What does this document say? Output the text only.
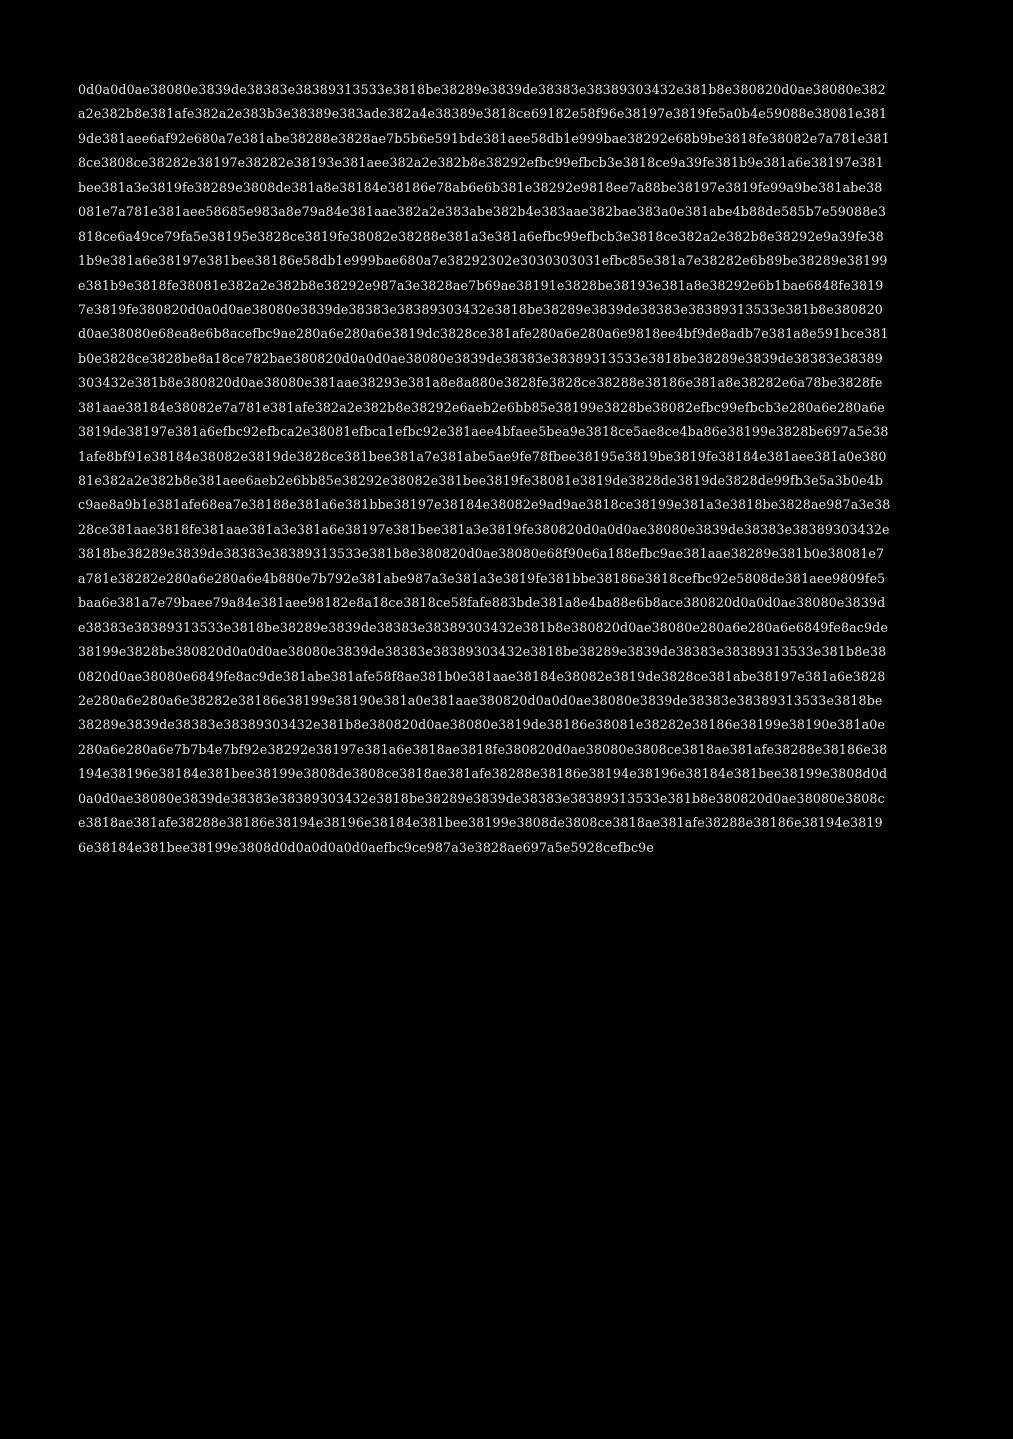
0d0a0d0ae38080e3839de38383e38389313533e3818be38289e3839de38383e38389303432e381b8e380820d0ae38080e382
a2e382b8e381afe382a2e383b3e38389e383ade382a4e38389e3818ce69182e58f96e38197e3819fe5a0b4e59088e38081e381
9de381aee6af92e680a7e381abe38288e3828ae7b5b6e591bde381aee58db1e999bae38292e68b9be3818fe38082e7a781e381
8ce3808ce38282e38197e38282e38193e381aee382a2e382b8e38292efbc99efbcb3e3818ce9a39fe381b9e381a6e38197e381
bee381a3e3819fe38289e3808de381a8e38184e38186e78ab6e6b381e38292e9818ee7a88be38197e3819fe99a9be381abe38
081e7a781e381aee58685e983a8e79a84e381aae382a2e383abe382b4e383aae382bae383a0e381abe4b88de585b7e59088e3
818ce6a49ce79fa5e38195e3828ce3819fe38082e38288e381a3e381a6efbc99efbcb3e3818ce382a2e382b8e38292e9a39fe38
1b9e381a6e38197e381bee38186e58db1e999bae680a7e38292302e3030303031efbc85e381a7e38282e6b89be38289e38199
e381b9e3818fe38081e382a2e382b8e38292e987a3e3828ae7b69ae38191e3828be38193e381a8e38292e6b1bae6848fe3819
7e3819fe380820d0a0d0ae38080e3839de38383e38389303432e3818be38289e3839de38383e38389313533e381b8e380820
d0ae38080e68ea8e6b8acefbc9ae280a6e280a6e3819dc3828ce381afe280a6e280a6e9818ee4bf9de8adb7e381a8e591bce381
b0e3828ce3828be8a18ce782bae380820d0a0d0ae38080e3839de38383e38389313533e3818be38289e3839de38383e38389
303432e381b8e380820d0ae38080e381aae38293e381a8e8a880e3828fe3828ce38288e38186e381a8e38282e6a78be3828fe
381aae38184e38082e7a781e381afe382a2e382b8e38292e6aeb2e6bb85e38199e3828be38082efbc99efbcb3e280a6e280a6e
3819de38197e381a6efbc92efbca2e38081efbca1efbc92e381aee4bfaee5bea9e3818ce5ae8ce4ba86e38199e3828be697a5e38
1afe8bf91e38184e38082e3819de3828ce381bee381a7e381abe5ae9fe78fbee38195e3819be3819fe38184e381aee381a0e380
81e382a2e382b8e381aee6aeb2e6bb85e38292e38082e381bee3819fe38081e3819de3828de3819de3828de99fb3e5a3b0e4b
c9ae8a9b1e381afe68ea7e38188e381a6e381bbe38197e38184e38082e9ad9ae3818ce38199e381a3e3818be3828ae987a3e38
28ce381aae3818fe381aae381a3e381a6e38197e381bee381a3e3819fe380820d0a0d0ae38080e3839de38383e38389303432e
3818be38289e3839de38383e38389313533e381b8e380820d0ae38080e68f90e6a188efbc9ae381aae38289e381b0e38081e7
a781e38282e280a6e280a6e4b880e7b792e381abe987a3e381a3e3819fe381bbe38186e3818cefbc92e5808de381aee9809fe5
baa6e381a7e79baee79a84e381aee98182e8a18ce3818ce58fafe883bde381a8e4ba88e6b8ace380820d0a0d0ae38080e3839d
e38383e38389313533e3818be38289e3839de38383e38389303432e381b8e380820d0ae38080e280a6e280a6e6849fe8ac9de
38199e3828be380820d0a0d0ae38080e3839de38383e38389303432e3818be38289e3839de38383e38389313533e381b8e38
0820d0ae38080e6849fe8ac9de381abe381afe58f8ae381b0e381aae38184e38082e3819de3828ce381abe38197e381a6e3828
2e280a6e280a6e38282e38186e38199e38190e381a0e381aae380820d0a0d0ae38080e3839de38383e38389313533e3818be
38289e3839de38383e38389303432e381b8e380820d0ae38080e3819de38186e38081e38282e38186e38199e38190e381a0e
280a6e280a6e7b7b4e7bf92e38292e38197e381a6e3818ae3818fe380820d0ae38080e3808ce3818ae381afe38288e38186e38
194e38196e38184e381bee38199e3808de3808ce3818ae381afe38288e38186e38194e38196e38184e381bee38199e3808d0d
0a0d0ae38080e3839de38383e38389303432e3818be38289e3839de38383e38389313533e381b8e380820d0ae38080e3808c
e3818ae381afe38288e38186e38194e38196e38184e381bee38199e3808de3808ce3818ae381afe38288e38186e38194e3819
6e38184e381bee38199e3808d0d0a0d0a0d0aefbc9ce987a3e3828ae697a5e5928cefbc9e
